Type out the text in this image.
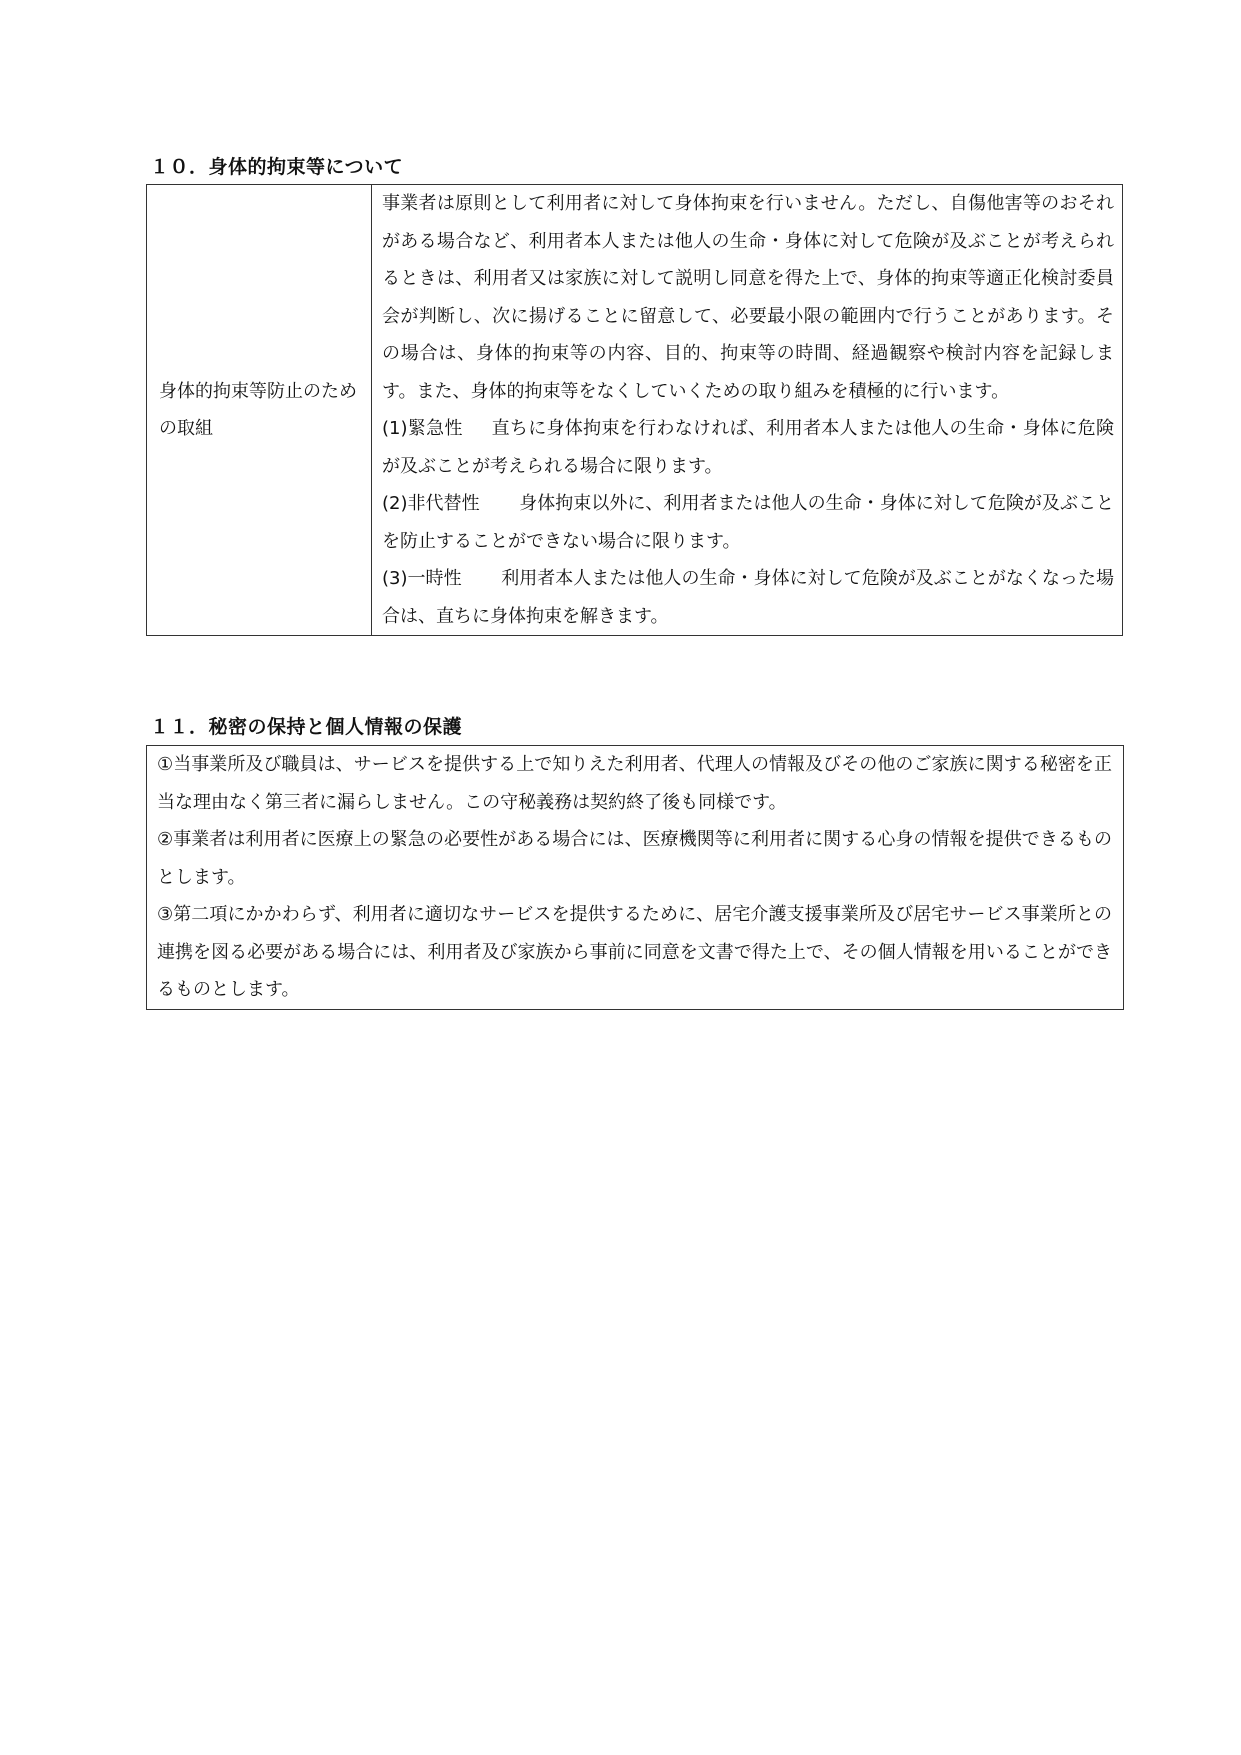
１０．身体的拘束等について
身体的拘束等防止のための取組	
事業者は原則として利用者に対して身体拘束を行いません。ただし、自傷他害等のおそれがある場合など、利用者本人または他人の生命・身体に対して危険が及ぶことが考えられるときは、利用者又は家族に対して説明し同意を得た上で、身体的拘束等適正化検討委員会が判断し、次に揚げることに留意して、必要最小限の範囲内で行うことがあります。その場合は、身体的拘束等の内容、目的、拘束等の時間、経過観察や検討内容を記録します。また、身体的拘束等をなくしていくための取り組みを積極的に行います。
(1)緊急性 直ちに身体拘束を行わなければ、利用者本人または他人の生命・身体に危険が及ぶことが考えられる場合に限ります。
(2)非代替性 身体拘束以外に、利用者または他人の生命・身体に対して危険が及ぶことを防止することができない場合に限ります。
(3)一時性 利用者本人または他人の生命・身体に対して危険が及ぶことがなくなった場合は、直ちに身体拘束を解きます。
１１．秘密の保持と個人情報の保護
①当事業所及び職員は、サービスを提供する上で知りえた利用者、代理人の情報及びその他のご家族に関する秘密を正当な理由なく第三者に漏らしません。この守秘義務は契約終了後も同様です。
②事業者は利用者に医療上の緊急の必要性がある場合には、医療機関等に利用者に関する心身の情報を提供できるものとします。
③第二項にかかわらず、利用者に適切なサービスを提供するために、居宅介護支援事業所及び居宅サービス事業所との連携を図る必要がある場合には、利用者及び家族から事前に同意を文書で得た上で、その個人情報を用いることができるものとします。
